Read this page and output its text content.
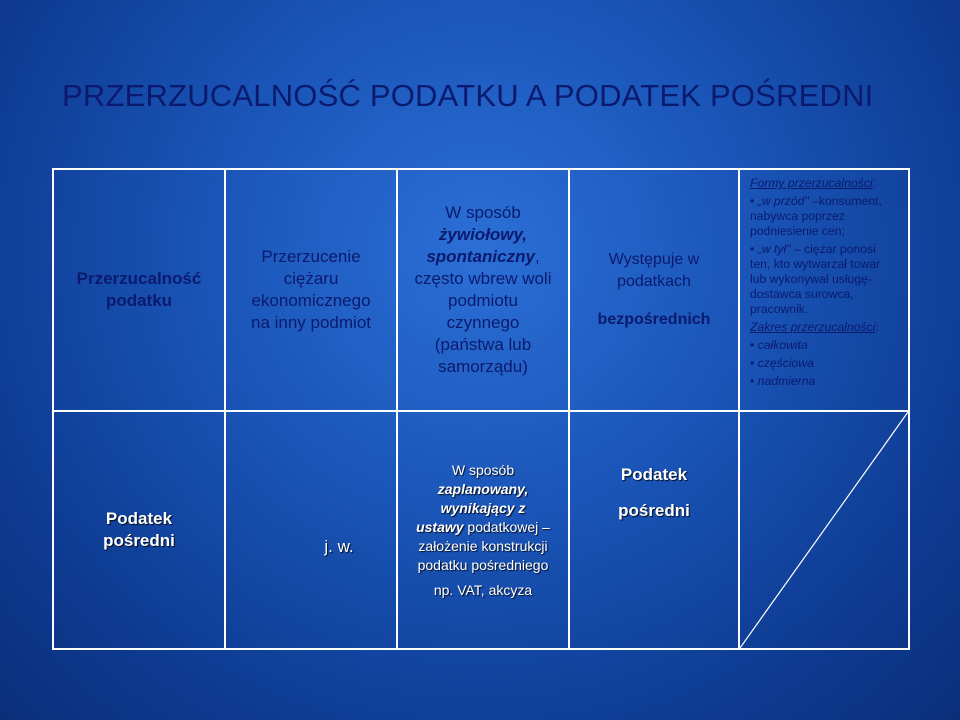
PRZERZUCALNOŚĆ PODATKU A PODATEK POŚREDNI
Przerzucalność
podatku
Przerzucenie
ciężaru
ekonomicznego
na inny podmiot
W sposób
żywiołowy,
spontaniczny,
często wbrew woli
podmiotu
czynnego
(państwa lub
samorządu)
Występuje w
podatkach
bezpośrednich
Formy przerzucalności:
• „w przód" –konsument,
nabywca poprzez
podniesienie cen;
• „w tył" – ciężar ponosi
ten, kto wytwarzał towar
lub wykonywał usługę-
dostawca surowca,
pracownik.
Zakres przerzucalności:
• całkowita
• częściowa
• nadmierna
Podatek
pośredni	j. w.
W sposób
zaplanowany,
wynikający z
ustawy podatkowej –
założenie konstrukcji
podatku pośredniego
np. VAT, akcyza
Podatek
pośredni
